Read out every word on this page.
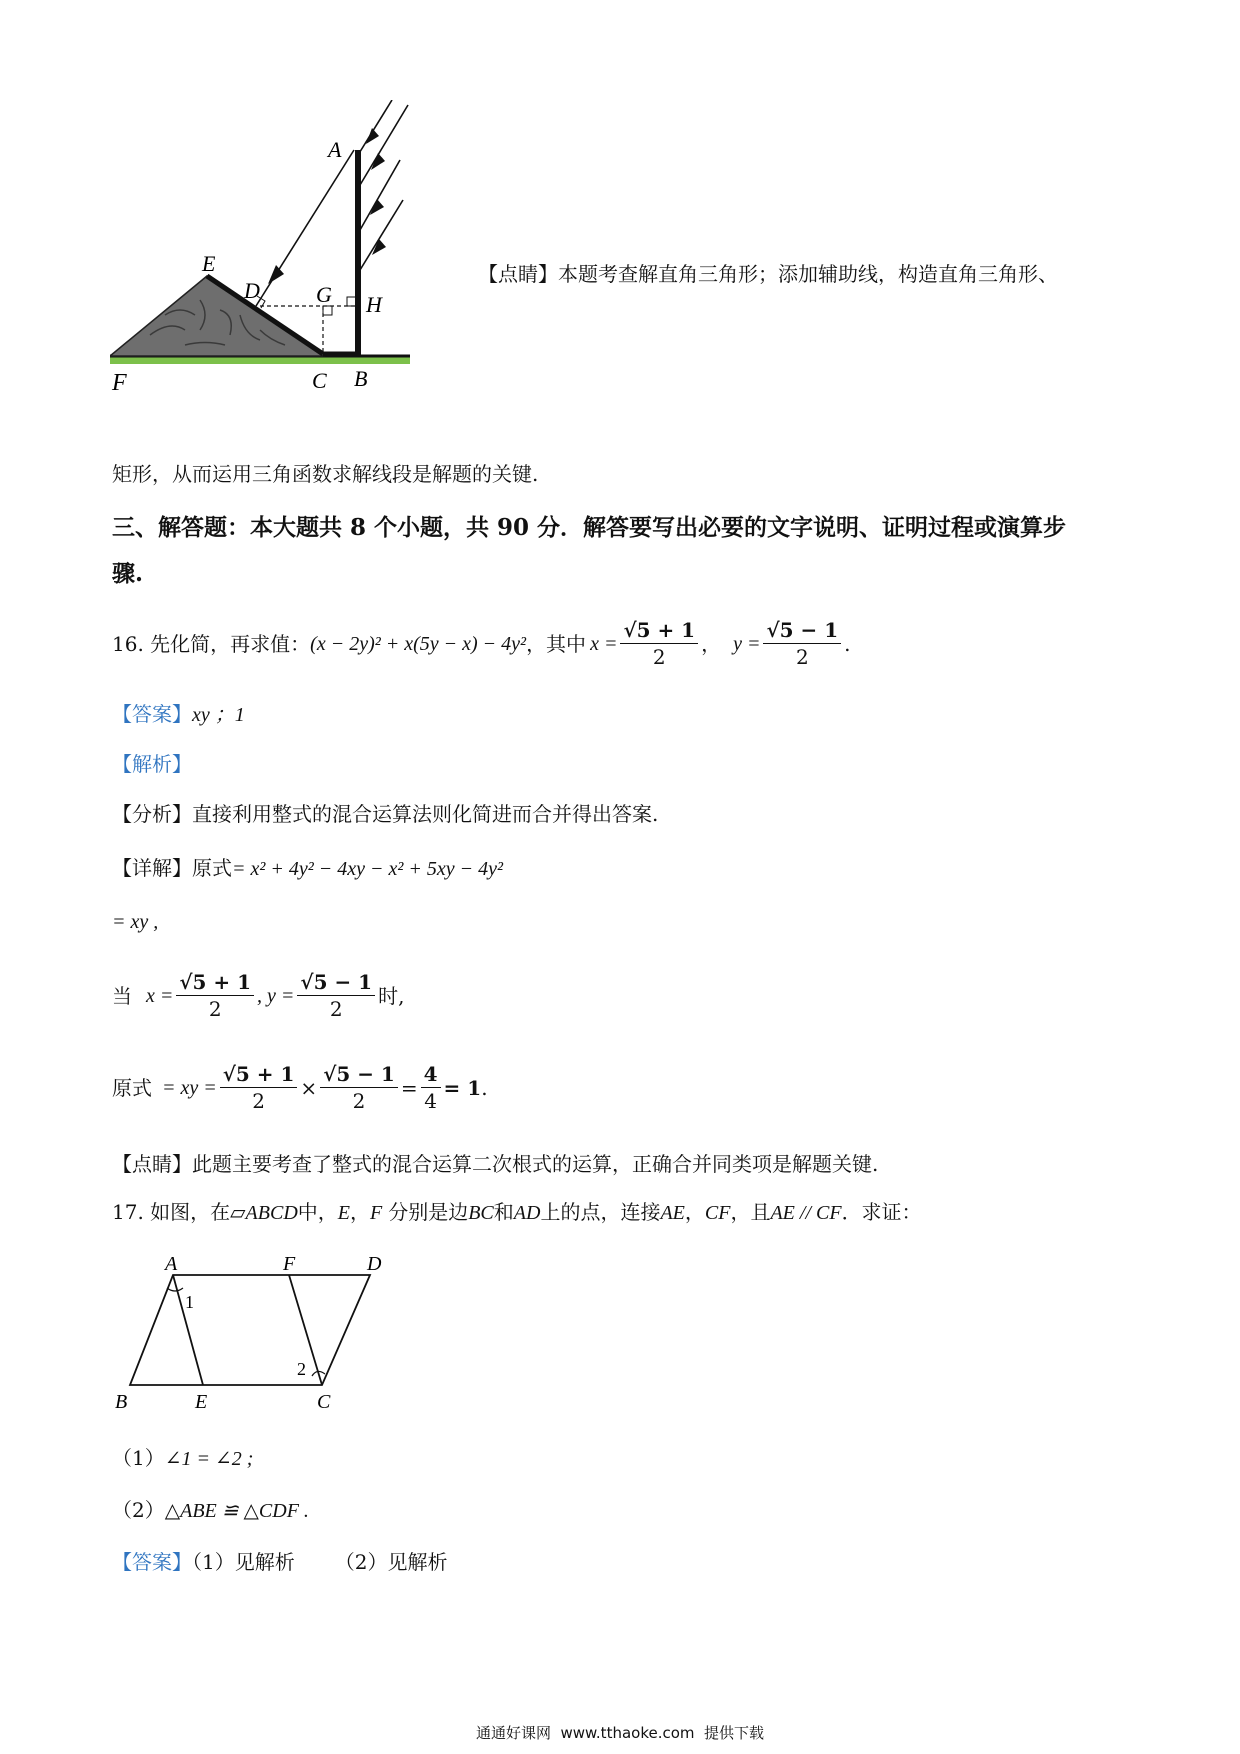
A
E
D	G H
F	C B
【点睛】本题考查解直角三角形；添加辅助线，构造直角三角形、
矩形，从而运用三角函数求解线段是解题的关键.
三、解答题：本大题共 8 个小题，共 90 分．解答要写出必要的文字说明、证明过程或演算步
骤.
16. 先化简，再求值： (x − 2y)² + x(5y − x) − 4y² ，其中 $x = \frac{√5 + 1}{2}$ ， $y = \frac{√5 - 1}{2}$ .
【答案】xy ；1
【解析】
【分析】直接利用整式的混合运算法则化简进而合并得出答案.
【详解】原式= x² + 4y² − 4xy − x² + 5xy − 4y²
= xy ,
当 $x = \frac{√5 + 1}{2}$ , $y = \frac{√5 - 1}{2}$ 时,
原式 = xy = $\frac{√5 + 1}{2} \times \frac{√5 - 1}{2} = \frac{4}{4} = 1$ .
【点睛】此题主要考查了整式的混合运算二次根式的运算，正确合并同类项是解题关键.
17. 如图，在▱ABCD中，E，F 分别是边BC和AD上的点，连接AE，CF，且AE // CF．求证：
A	F	D
B	E	C
1
2
（1）∠1 = ∠2 ;
（2）△ABE ≌ △CDF .
【答案】（1）见解析 （2）见解析
通通好课网  www.tthaoke.com  提供下载
